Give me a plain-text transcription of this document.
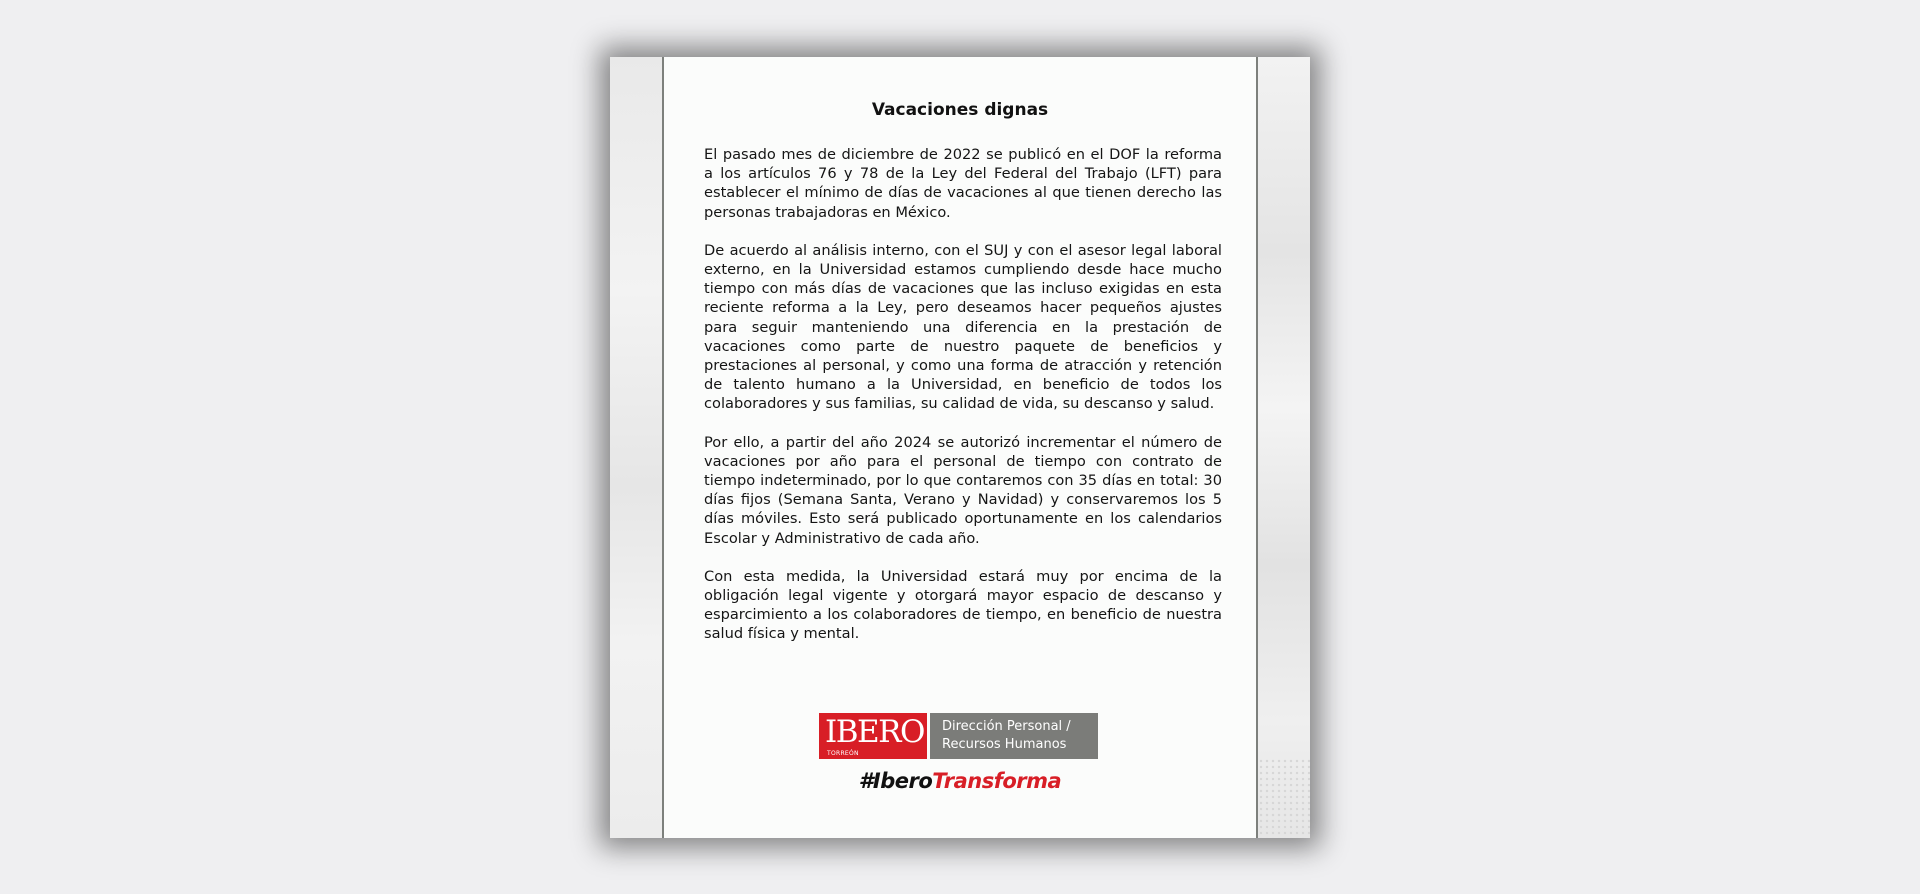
Vacaciones dignas

El pasado mes de diciembre de 2022 se publicó en el DOF la reforma a los artículos 76 y 78 de la Ley del Federal del Trabajo (LFT) para establecer el mínimo de días de vacaciones al que tienen derecho las personas trabajadoras en México.

De acuerdo al análisis interno, con el SUJ y con el asesor legal laboral externo, en la Universidad estamos cumpliendo desde hace mucho tiempo con más días de vacaciones que las incluso exigidas en esta reciente reforma a la Ley, pero deseamos hacer pequeños ajustes para seguir manteniendo una diferencia en la prestación de vacaciones como parte de nuestro paquete de beneficios y prestaciones al personal, y como una forma de atracción y retención de talento humano a la Universidad, en beneficio de todos los colaboradores y sus familias, su calidad de vida, su descanso y salud.

Por ello, a partir del año 2024 se autorizó incrementar el número de vacaciones por año para el personal de tiempo con contrato de tiempo indeterminado, por lo que contaremos con 35 días en total: 30 días fijos (Semana Santa, Verano y Navidad) y conservaremos los 5 días móviles. Esto será publicado oportunamente en los calendarios Escolar y Administrativo de cada año.

Con esta medida, la Universidad estará muy por encima de la obligación legal vigente y otorgará mayor espacio de descanso y esparcimiento a los colaboradores de tiempo, en beneficio de nuestra salud física y mental.

IBERO
TORREÓN
Dirección Personal /
Recursos Humanos
#IberoTransforma
